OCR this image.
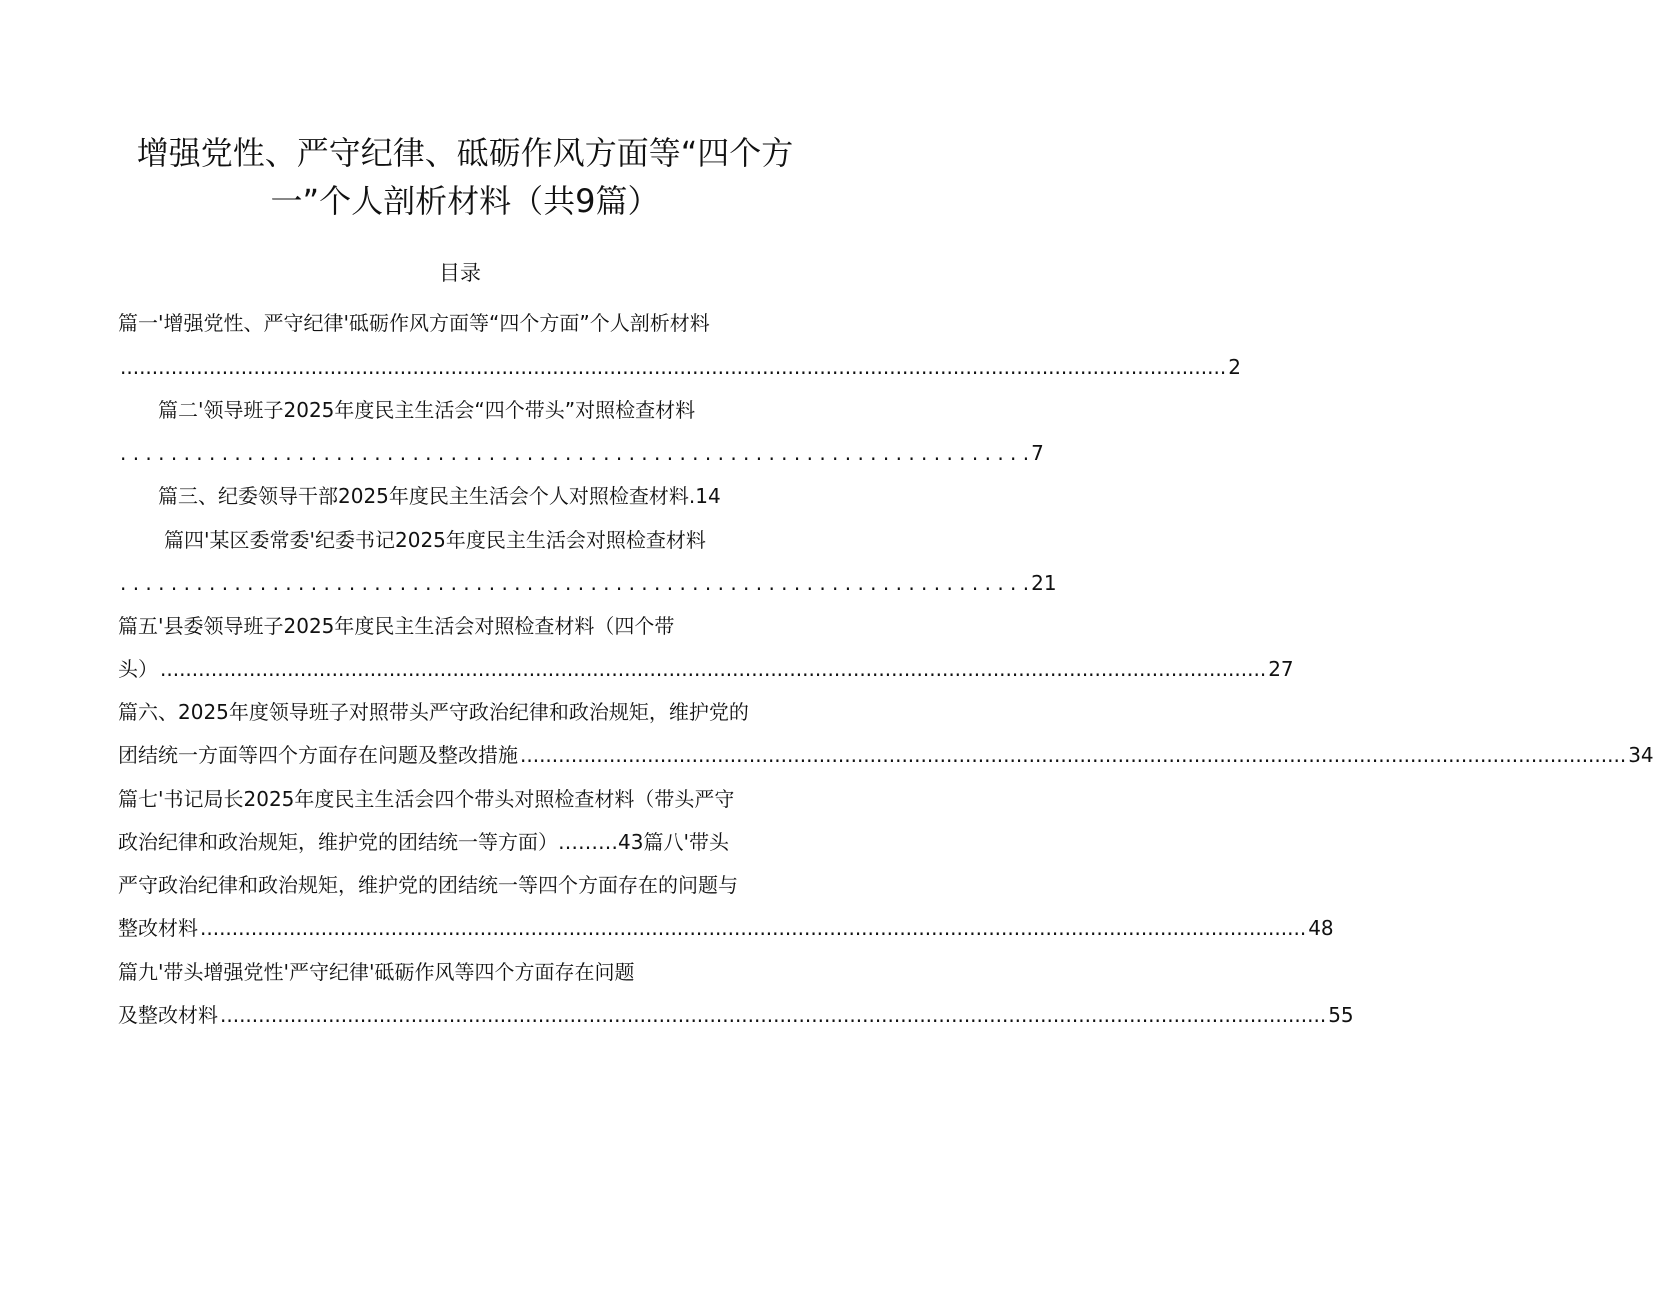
增强党性、严守纪律、砥砺作风方面等“四个方
一”个人剖析材料（共9篇）
目录
篇一'增强党性、严守纪律'砥砺作风方面等“四个方面”个人剖析材料
.............................................................................................................................................................................. 2
篇二'领导班子2025年度民主生活会“四个带头”对照检查材料
. . . . . . . . . . . . . . . . . . . . . . . . . . . . . . . . . . . . . . . . . . . . . . . . . . . . . . . . . . . . . . . . . . . . . . . . 7
篇三、纪委领导干部2025年度民主生活会个人对照检查材料.14
篇四'某区委常委'纪委书记2025年度民主生活会对照检查材料
. . . . . . . . . . . . . . . . . . . . . . . . . . . . . . . . . . . . . . . . . . . . . . . . . . . . . . . . . . . . . . . . . . . . . . . . 21
篇五'县委领导班子2025年度民主生活会对照检查材料（四个带
头） .............................................................................................................................................................................. 27
篇六、2025年度领导班子对照带头严守政治纪律和政治规矩，维护党的
团结统一方面等四个方面存在问题及整改措施 .............................................................................................................................................................................. 34
篇七'书记局长2025年度民主生活会四个带头对照检查材料（带头严守
政治纪律和政治规矩，维护党的团结统一等方面）………43篇八'带头
严守政治纪律和政治规矩，维护党的团结统一等四个方面存在的问题与
整改材料 .............................................................................................................................................................................. 48
篇九'带头增强党性'严守纪律'砥砺作风等四个方面存在问题
及整改材料 .............................................................................................................................................................................. 55
